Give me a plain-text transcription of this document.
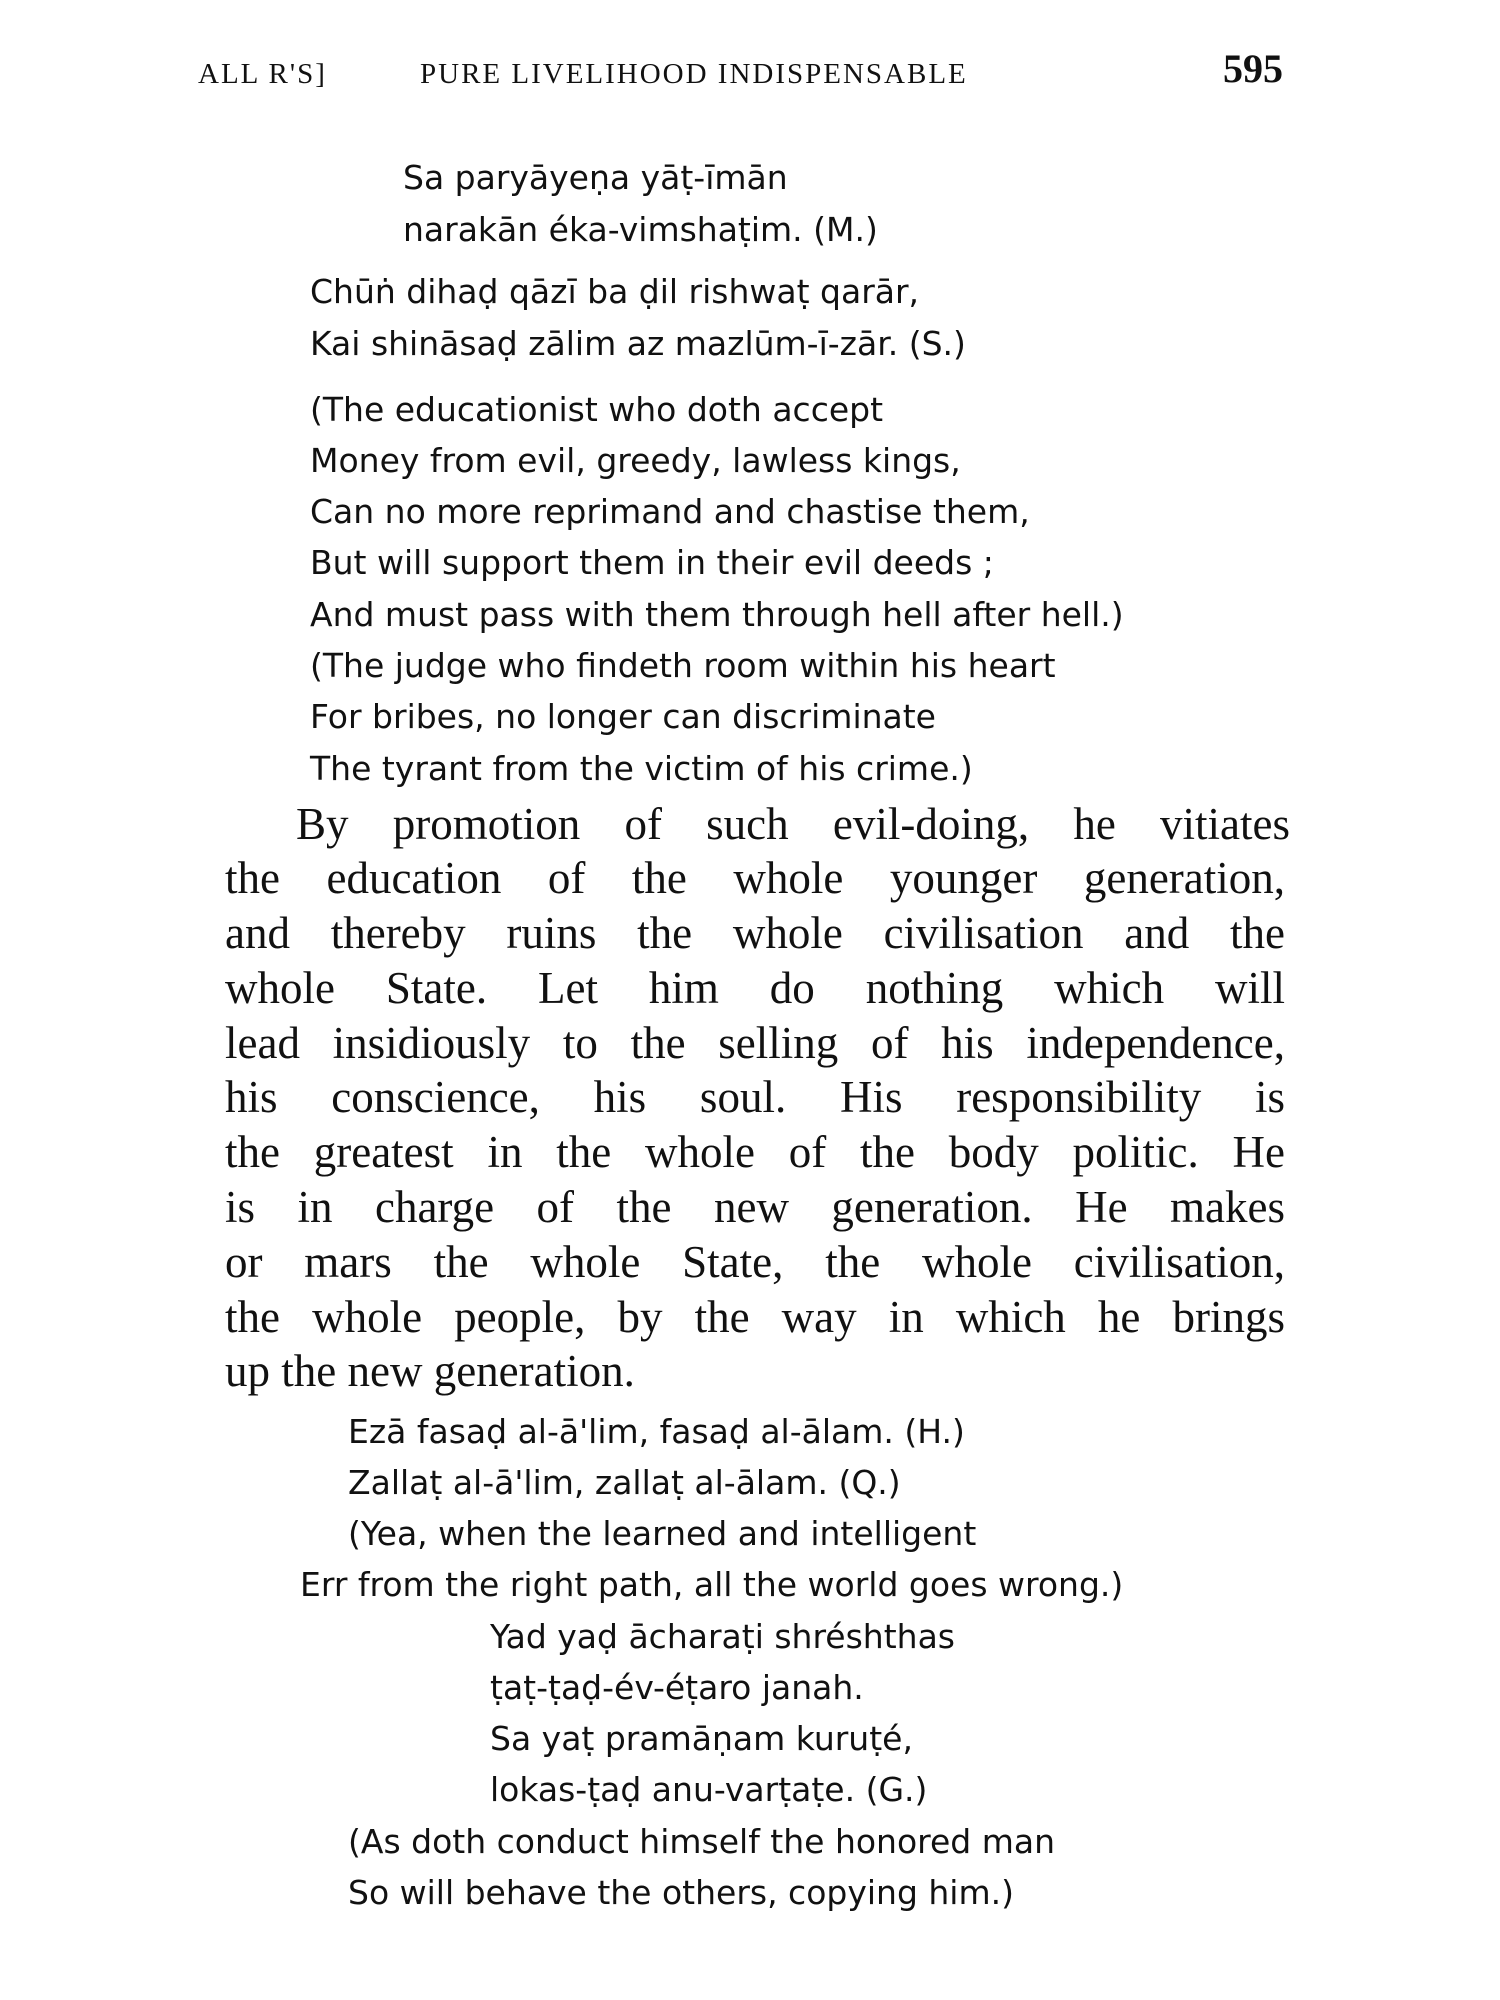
ALL R'S]	PURE LIVELIHOOD INDISPENSABLE	595
Sa paryāyeṇa yāṭ-īmān
narakān éka-vimshaṭim. (M.)
Chūṅ dihaḍ qāzī ba ḍil rishwaṭ qarār,
Kai shināsaḍ zālim az mazlūm-ī-zār. (S.)
(The educationist who doth accept
Money from evil, greedy, lawless kings,
Can no more reprimand and chastise them,
But will support them in their evil deeds ;
And must pass with them through hell after hell.)
(The judge who findeth room within his heart
For bribes, no longer can discriminate
The tyrant from the victim of his crime.)
By promotion of such evil-doing, he vitiates
the education of the whole younger generation,
and thereby ruins the whole civilisation and the
whole State. Let him do nothing which will
lead insidiously to the selling of his independence,
his conscience, his soul. His responsibility is
the greatest in the whole of the body politic. He
is in charge of the new generation. He makes
or mars the whole State, the whole civilisation,
the whole people, by the way in which he brings
up the new generation.
Ezā fasaḍ al-ā'lim, fasaḍ al-ālam. (H.)
Zallaṭ al-ā'lim, zallaṭ al-ālam. (Q.)
(Yea, when the learned and intelligent
Err from the right path, all the world goes wrong.)
Yad yaḍ ācharaṭi shréshthas
ṭaṭ-ṭaḍ-év-éṭaro janah.
Sa yaṭ pramāṇam kuruṭé,
lokas-ṭaḍ anu-varṭaṭe. (G.)
(As doth conduct himself the honored man
So will behave the others, copying him.)
